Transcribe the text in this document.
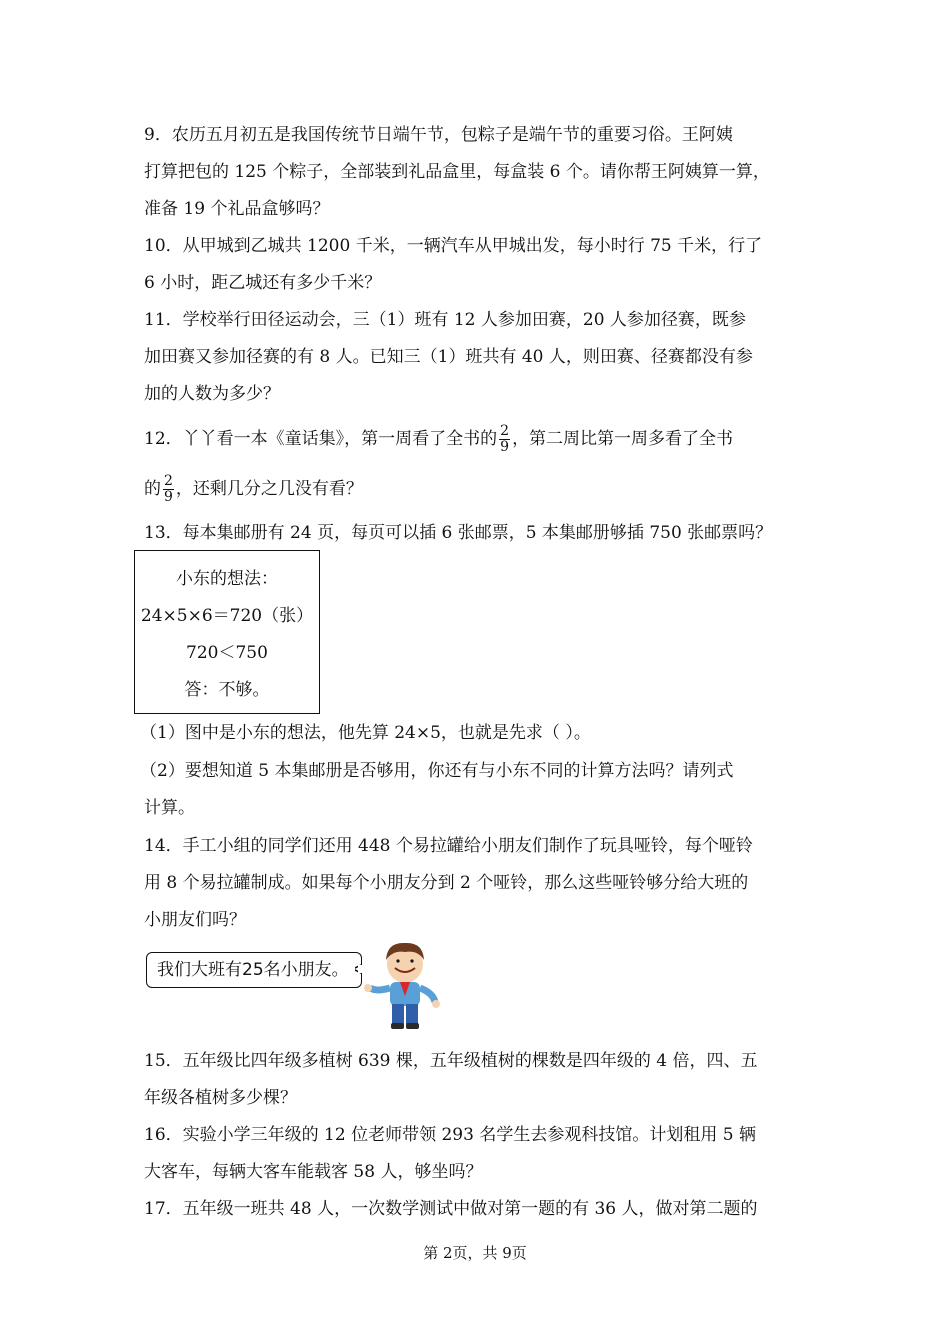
9．农历五月初五是我国传统节日端午节，包粽子是端午节的重要习俗。王阿姨
打算把包的 125 个粽子，全部装到礼品盒里，每盒装 6 个。请你帮王阿姨算一算，
准备 19 个礼品盒够吗？
10．从甲城到乙城共 1200 千米，一辆汽车从甲城出发，每小时行 75 千米，行了
6 小时，距乙城还有多少千米？
11．学校举行田径运动会，三（1）班有 12 人参加田赛，20 人参加径赛，既参
加田赛又参加径赛的有 8 人。已知三（1）班共有 40 人，则田赛、径赛都没有参
加的人数为多少？
12．丫丫看一本《童话集》，第一周看了全书的 $\frac{2}{9}$ ，第二周比第一周多看了全书
的 $\frac{2}{9}$ ，还剩几分之几没有看？
13．每本集邮册有 24 页，每页可以插 6 张邮票，5 本集邮册够插 750 张邮票吗？
小东的想法：
24×5×6＝720（张）
720＜750
答：不够。
（1）图中是小东的想法，他先算 24×5，也就是先求（ ）。
（2）要想知道 5 本集邮册是否够用，你还有与小东不同的计算方法吗？请列式
计算。
14．手工小组的同学们还用 448 个易拉罐给小朋友们制作了玩具哑铃，每个哑铃
用 8 个易拉罐制成。如果每个小朋友分到 2 个哑铃，那么这些哑铃够分给大班的
小朋友们吗？
我们大班有25名小朋友。
15．五年级比四年级多植树 639 棵，五年级植树的棵数是四年级的 4 倍，四、五
年级各植树多少棵？
16．实验小学三年级的 12 位老师带领 293 名学生去参观科技馆。计划租用 5 辆
大客车，每辆大客车能载客 58 人，够坐吗？
17．五年级一班共 48 人，一次数学测试中做对第一题的有 36 人，做对第二题的
第 2页，共 9页
